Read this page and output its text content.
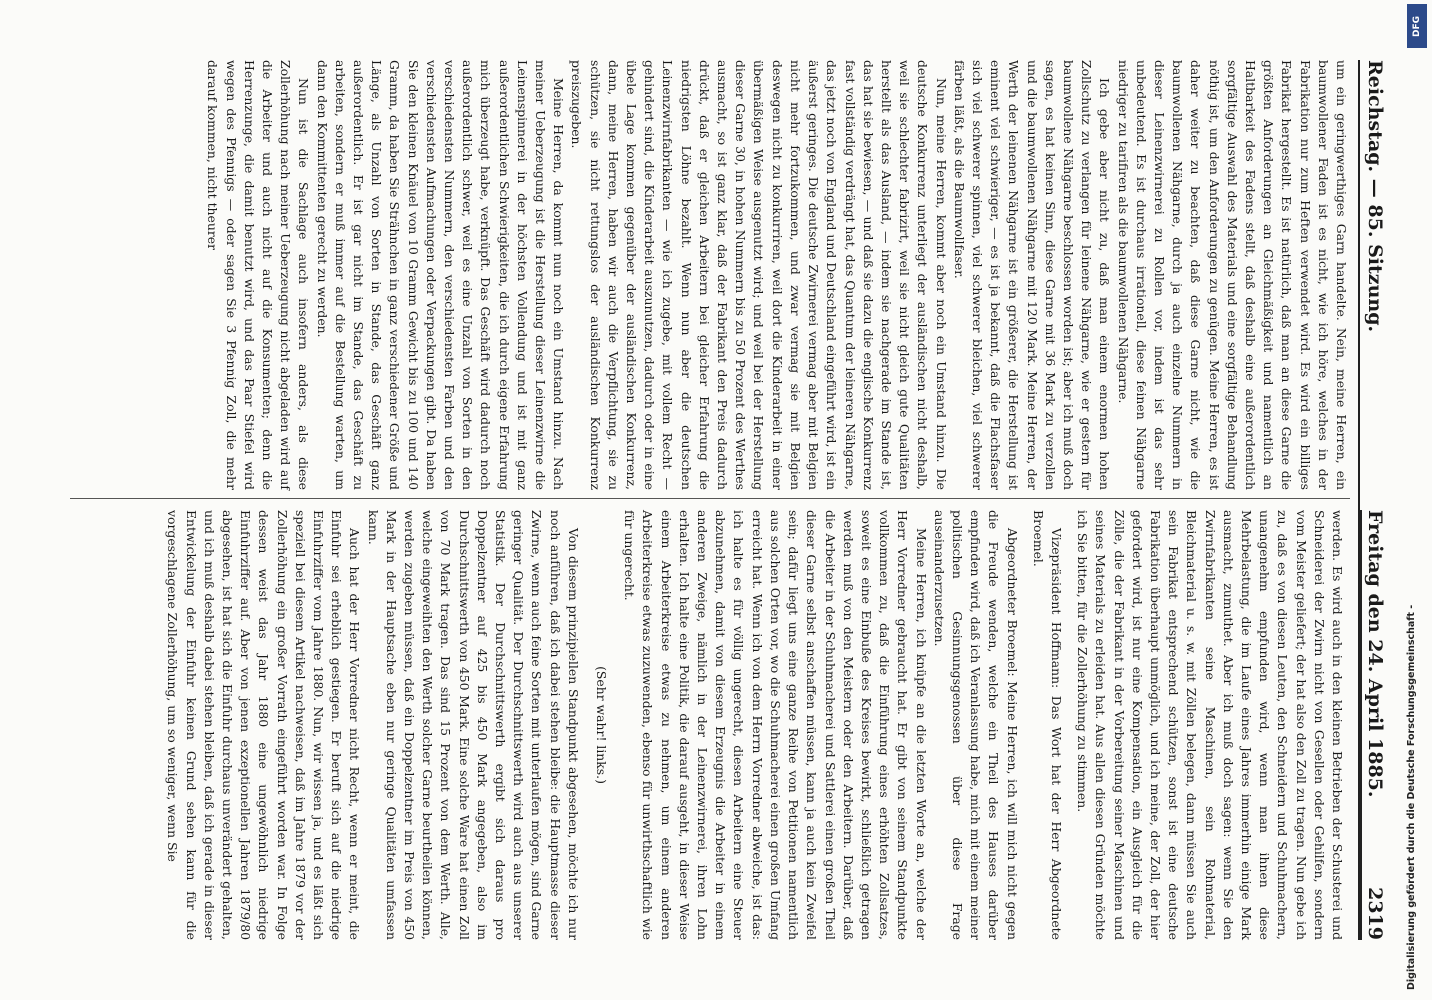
Reichstag. — 85. Sitzung.

um ein geringwerthiges Garn handelte. Nein, meine Herren, ein baumwollener Faden ist es nicht, wie ich höre, welches in der Fabrikation nur zum Heften verwendet wird. Es wird ein billiges Fabrikat hergestellt. Es ist natürlich, daß man an diese Garne die größten Anforderungen an Gleichmäßigkeit und namentlich an Haltbarkeit des Fadens stellt, daß deshalb eine außerordentlich sorgfältige Auswahl des Materials und eine sorgfältige Behandlung nöthig ist, um den Anforderungen zu genügen. Meine Herren, es ist daher weiter zu beachten, daß diese Garne nicht, wie die baumwollenen Nähgarne, durch ja auch einzelne Nummern in dieser Leinenzwirnerei zu Rollen vor, indem ist das sehr unbedeutend. Es ist durchaus irrationell, diese feinen Nähgarne niedriger zu tarifiren als die baumwollenen Nähgarne.

Ich gebe aber nicht zu, daß man einem enormen hohen Zollschutz zu verlangen für leinene Nähgarne, wie er gestern für baumwollene Nähgarne beschlossen worden ist; aber ich muß doch sagen, es hat keinen Sinn, diese Garne mit 36 Mark zu verzollen und die baumwollenen Nähgarne mit 120 Mark. Meine Herren, der Werth der leinenen Nähgarne ist ein größerer, die Herstellung ist eminent viel schwieriger, — es ist ja bekannt, daß die Flachsfaser sich viel schwerer spinnen, viel schwerer bleichen, viel schwerer färben läßt, als die Baumwollfaser.

Nun, meine Herren, kommt aber noch ein Umstand hinzu. Die deutsche Konkurrenz unterliegt der ausländischen nicht deshalb, weil sie schlechter fabrizirt, weil sie nicht gleich gute Qualitäten herstellt als das Ausland, — indem sie nachgerade im Stande ist, das hat sie bewiesen, — und daß sie dazu die englische Konkurrenz fast vollständig verdrängt hat, das Quantum der leineren Nähgarne, das jetzt noch von England und Deutschland eingeführt wird, ist ein äußerst geringes. Die deutsche Zwirnerei vermag aber mit Belgien nicht mehr fortzukommen, und zwar vermag sie mit Belgien deswegen nicht zu konkurriren, weil dort die Kinderarbeit in einer übermäßigen Weise ausgenutzt wird; und weil bei der Herstellung dieser Garne 30, in hohen Nummern bis zu 50 Prozent des Werthes ausmacht, so ist ganz klar, daß der Fabrikant den Preis dadurch drückt, daß er gleichen Arbeitern bei gleicher Erfahrung die niedrigsten Löhne bezahlt. Wenn nun aber die deutschen Leinenzwirnfabrikanten — wie ich zugebe, mit vollem Recht — gehindert sind, die Kinderarbeit auszunutzen, dadurch oder in eine übele Lage kommen gegenüber der ausländischen Konkurrenz, dann, meine Herren, haben wir auch die Verpflichtung, sie zu schützen, sie nicht rettungslos der ausländischen Konkurrenz preiszugeben.

Meine Herren, da kommt nun noch ein Umstand hinzu. Nach meiner Ueberzeugung ist die Herstellung dieser Leinenzwirne die Leinenspinnerei in der höchsten Vollendung und ist mit ganz außerordentlichen Schwierigkeiten, die ich durch eigene Erfahrung mich überzeugt habe, verknüpft. Das Geschäft wird dadurch noch außerordentlich schwer, weil es eine Unzahl von Sorten in den verschiedensten Nummern, den verschiedensten Farben und den verschiedensten Aufmachungen oder Verpackungen gibt. Da haben Sie den kleinen Knäuel von 10 Gramm Gewicht bis zu 100 und 140 Gramm, da haben Sie Strähnchen in ganz verschiedener Größe und Länge, als Unzahl von Sorten in Stande, das Geschäft ganz außerordentlich. Er ist gar nicht im Stande, das Geschäft zu arbeiten, sondern er muß immer auf die Bestellung warten, um dann den Kommittenten gerecht zu werden.

Nun ist die Sachlage auch insofern anders, als diese Zollerhöhung nach meiner Ueberzeugung nicht abgeladen wird auf die Arbeiter und auch nicht auf die Konsumenten; denn die Herrenzunge, die damit benutzt wird, und das Paar Stiefel wird wegen des Pfennigs — oder sagen Sie 3 Pfennig Zoll, die mehr darauf kommen, nicht theurer

Freitag den 24. April 1885.
2319

werden. Es wird auch in den kleinen Betrieben der Schusterei und Schneiderei der Zwirn nicht von Gesellen oder Gehilfen, sondern vom Meister geliefert; der hat also den Zoll zu tragen. Nun gebe ich zu, daß es von diesen Leuten, den Schneidern und Schuhmachern, unangenehm empfunden wird, wenn man ihnen diese Mehrbelastung, die im Laufe eines Jahres immerhin einige Mark ausmacht, zumuthet. Aber ich muß doch sagen: wenn Sie den Zwirnfabrikanten seine Maschinen, sein Rohmaterial, Bleichmaterial u. s. w. mit Zöllen belegen, dann müssen Sie auch sein Fabrikat entsprechend schützen, sonst ist eine deutsche Fabrikation überhaupt unmöglich, und ich meine, der Zoll, der hier gefordert wird, ist nur eine Kompensation, ein Ausgleich für die Zölle, die der Fabrikant in der Vorbereitung seiner Maschinen und seines Materials zu erleiden hat. Aus allen diesen Gründen möchte ich Sie bitten, für die Zollerhöhung zu stimmen.

Vizepräsident Hoffmann: Das Wort hat der Herr Abgeordnete Broemel.

Abgeordneter Broemel: Meine Herren, ich will mich nicht gegen die Freude wenden, welche ein Theil des Hauses darüber empfinden wird, daß ich Veranlassung habe, mich mit einem meiner politischen Gesinnungsgenossen über diese Frage auseinanderzusetzen.

Meine Herren, ich knüpfe an die letzten Worte an, welche der Herr Vorredner gebraucht hat. Er gibt von seinem Standpunkte vollkommen zu, daß die Einführung eines erhöhten Zollsatzes, soweit es eine Einbuße des Kreises bewirkt, schließlich getragen werden muß von den Meistern oder den Arbeitern. Darüber, daß die Arbeiter in der Schuhmacherei und Sattlerei einen großen Theil dieser Garne selbst anschaffen müssen, kann ja auch kein Zweifel sein; dafür liegt uns eine ganze Reihe von Petitionen namentlich aus solchen Orten vor, wo die Schuhmacherei einen großen Umfang erreicht hat. Wenn ich von dem Herrn Vorredner abweiche, ist das: ich halte es für völlig ungerecht, diesen Arbeitern eine Steuer abzunehmen, damit von diesem Erzeugnis die Arbeiter in einem anderen Zweige, nämlich in der Leinenzwirnerei, ihren Lohn erhalten. Ich halte eine Politik, die darauf ausgeht, in dieser Weise einem Arbeiterkreise etwas zu nehmen, um einem anderen Arbeiterkreise etwas zuzuwenden, ebenso für unwirthschaftlich wie für ungerecht.

(Sehr wahr! links.)

Von diesem prinzipiellen Standpunkt abgesehen, möchte ich nur noch anführen, daß ich dabei stehen bleibe: die Hauptmasse dieser Zwirne, wenn auch feine Sorten mit unterlaufen mögen, sind Garne geringer Qualität. Der Durchschnittswerth wird auch aus unserer Statistik. Der Durchschnittswerth ergibt sich daraus pro Doppelzentner auf 425 bis 450 Mark angegeben, also im Durchschnittswerth von 450 Mark. Eine solche Ware hat einen Zoll von 70 Mark tragen. Das sind 15 Prozent von dem Werth. Alle, welche eingeweihten den Werth solcher Garne beurtheilen können, werden zugeben müssen, daß ein Doppelzentner im Preis von 450 Mark in der Hauptsache eben nur geringe Qualitäten umfassen kann.

Auch hat der Herr Vorredner nicht Recht, wenn er meint, die Einfuhr sei erheblich gestiegen. Er beruft sich auf die niedrige Einfuhrziffer vom Jahre 1880. Nun, wir wissen ja, und es läßt sich speziell bei diesem Artikel nachweisen, daß im Jahre 1879 vor der Zollerhöhung ein großer Vorrath eingeführt worden war. In Folge dessen weist das Jahr 1880 eine ungewöhnlich niedrige Einfuhrziffer auf. Aber von jenen exzeptionellen Jahren 1879/80 abgesehen, ist hat sich die Einfuhr durchaus unverändert gehalten, und ich muß deshalb dabei stehen bleiben, daß ich gerade in dieser Entwickelung der Einfuhr keinen Grund sehen kann für die vorgeschlagene Zollerhöhung, um so weniger, wenn Sie

DFG
Digitalisierung gefördert durch die Deutsche Forschungsgemeinschaft -
